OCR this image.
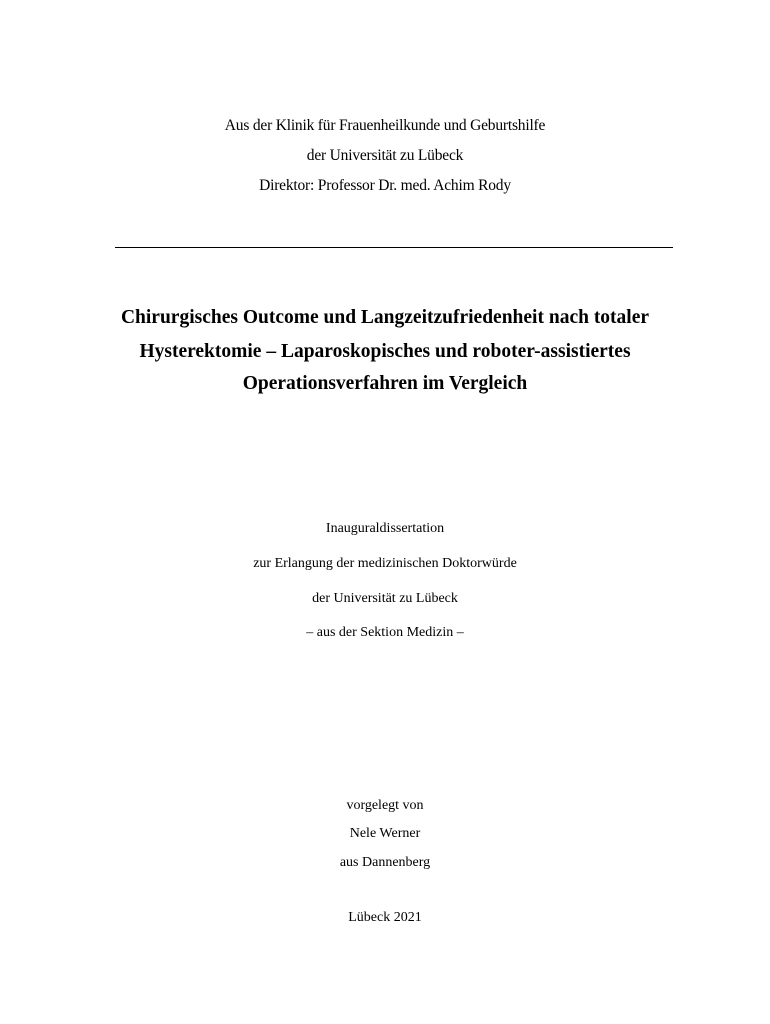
Aus der Klinik für Frauenheilkunde und Geburtshilfe

der Universität zu Lübeck

Direktor: Professor Dr. med. Achim Rody

Chirurgisches Outcome und Langzeitzufriedenheit nach totaler

Hysterektomie – Laparoskopisches und roboter-assistiertes

Operationsverfahren im Vergleich

Inauguraldissertation

zur Erlangung der medizinischen Doktorwürde

der Universität zu Lübeck

– aus der Sektion Medizin –

vorgelegt von

Nele Werner

aus Dannenberg

Lübeck 2021
